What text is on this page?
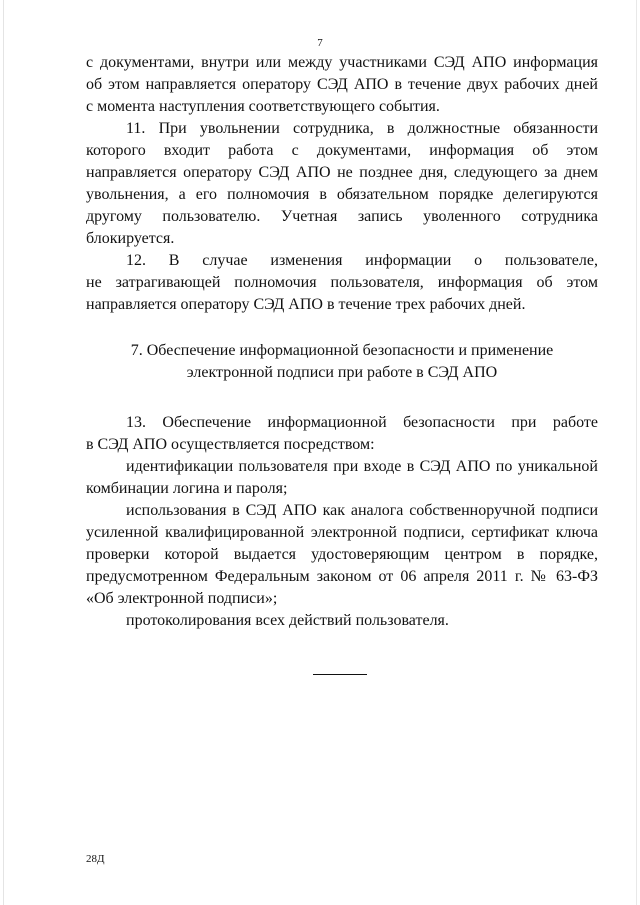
7
с документами, внутри или между участниками СЭД АПО информация
об этом направляется оператору СЭД АПО в течение двух рабочих дней
с момента наступления соответствующего события.
11. При увольнении сотрудника, в должностные обязанности
которого входит работа с документами, информация об этом
направляется оператору СЭД АПО не позднее дня, следующего за днем
увольнения, а его полномочия в обязательном порядке делегируются
другому пользователю. Учетная запись уволенного сотрудника
блокируется.
12. В случае изменения информации о пользователе,
не затрагивающей полномочия пользователя, информация об этом
направляется оператору СЭД АПО в течение трех рабочих дней.
7. Обеспечение информационной безопасности и применение
электронной подписи при работе в СЭД АПО
13. Обеспечение информационной безопасности при работе
в СЭД АПО осуществляется посредством:
идентификации пользователя при входе в СЭД АПО по уникальной
комбинации логина и пароля;
использования в СЭД АПО как аналога собственноручной подписи
усиленной квалифицированной электронной подписи, сертификат ключа
проверки которой выдается удостоверяющим центром в порядке,
предусмотренном Федеральным законом от 06 апреля 2011 г. № 63-ФЗ
«Об электронной подписи»;
протоколирования всех действий пользователя.
28Д
